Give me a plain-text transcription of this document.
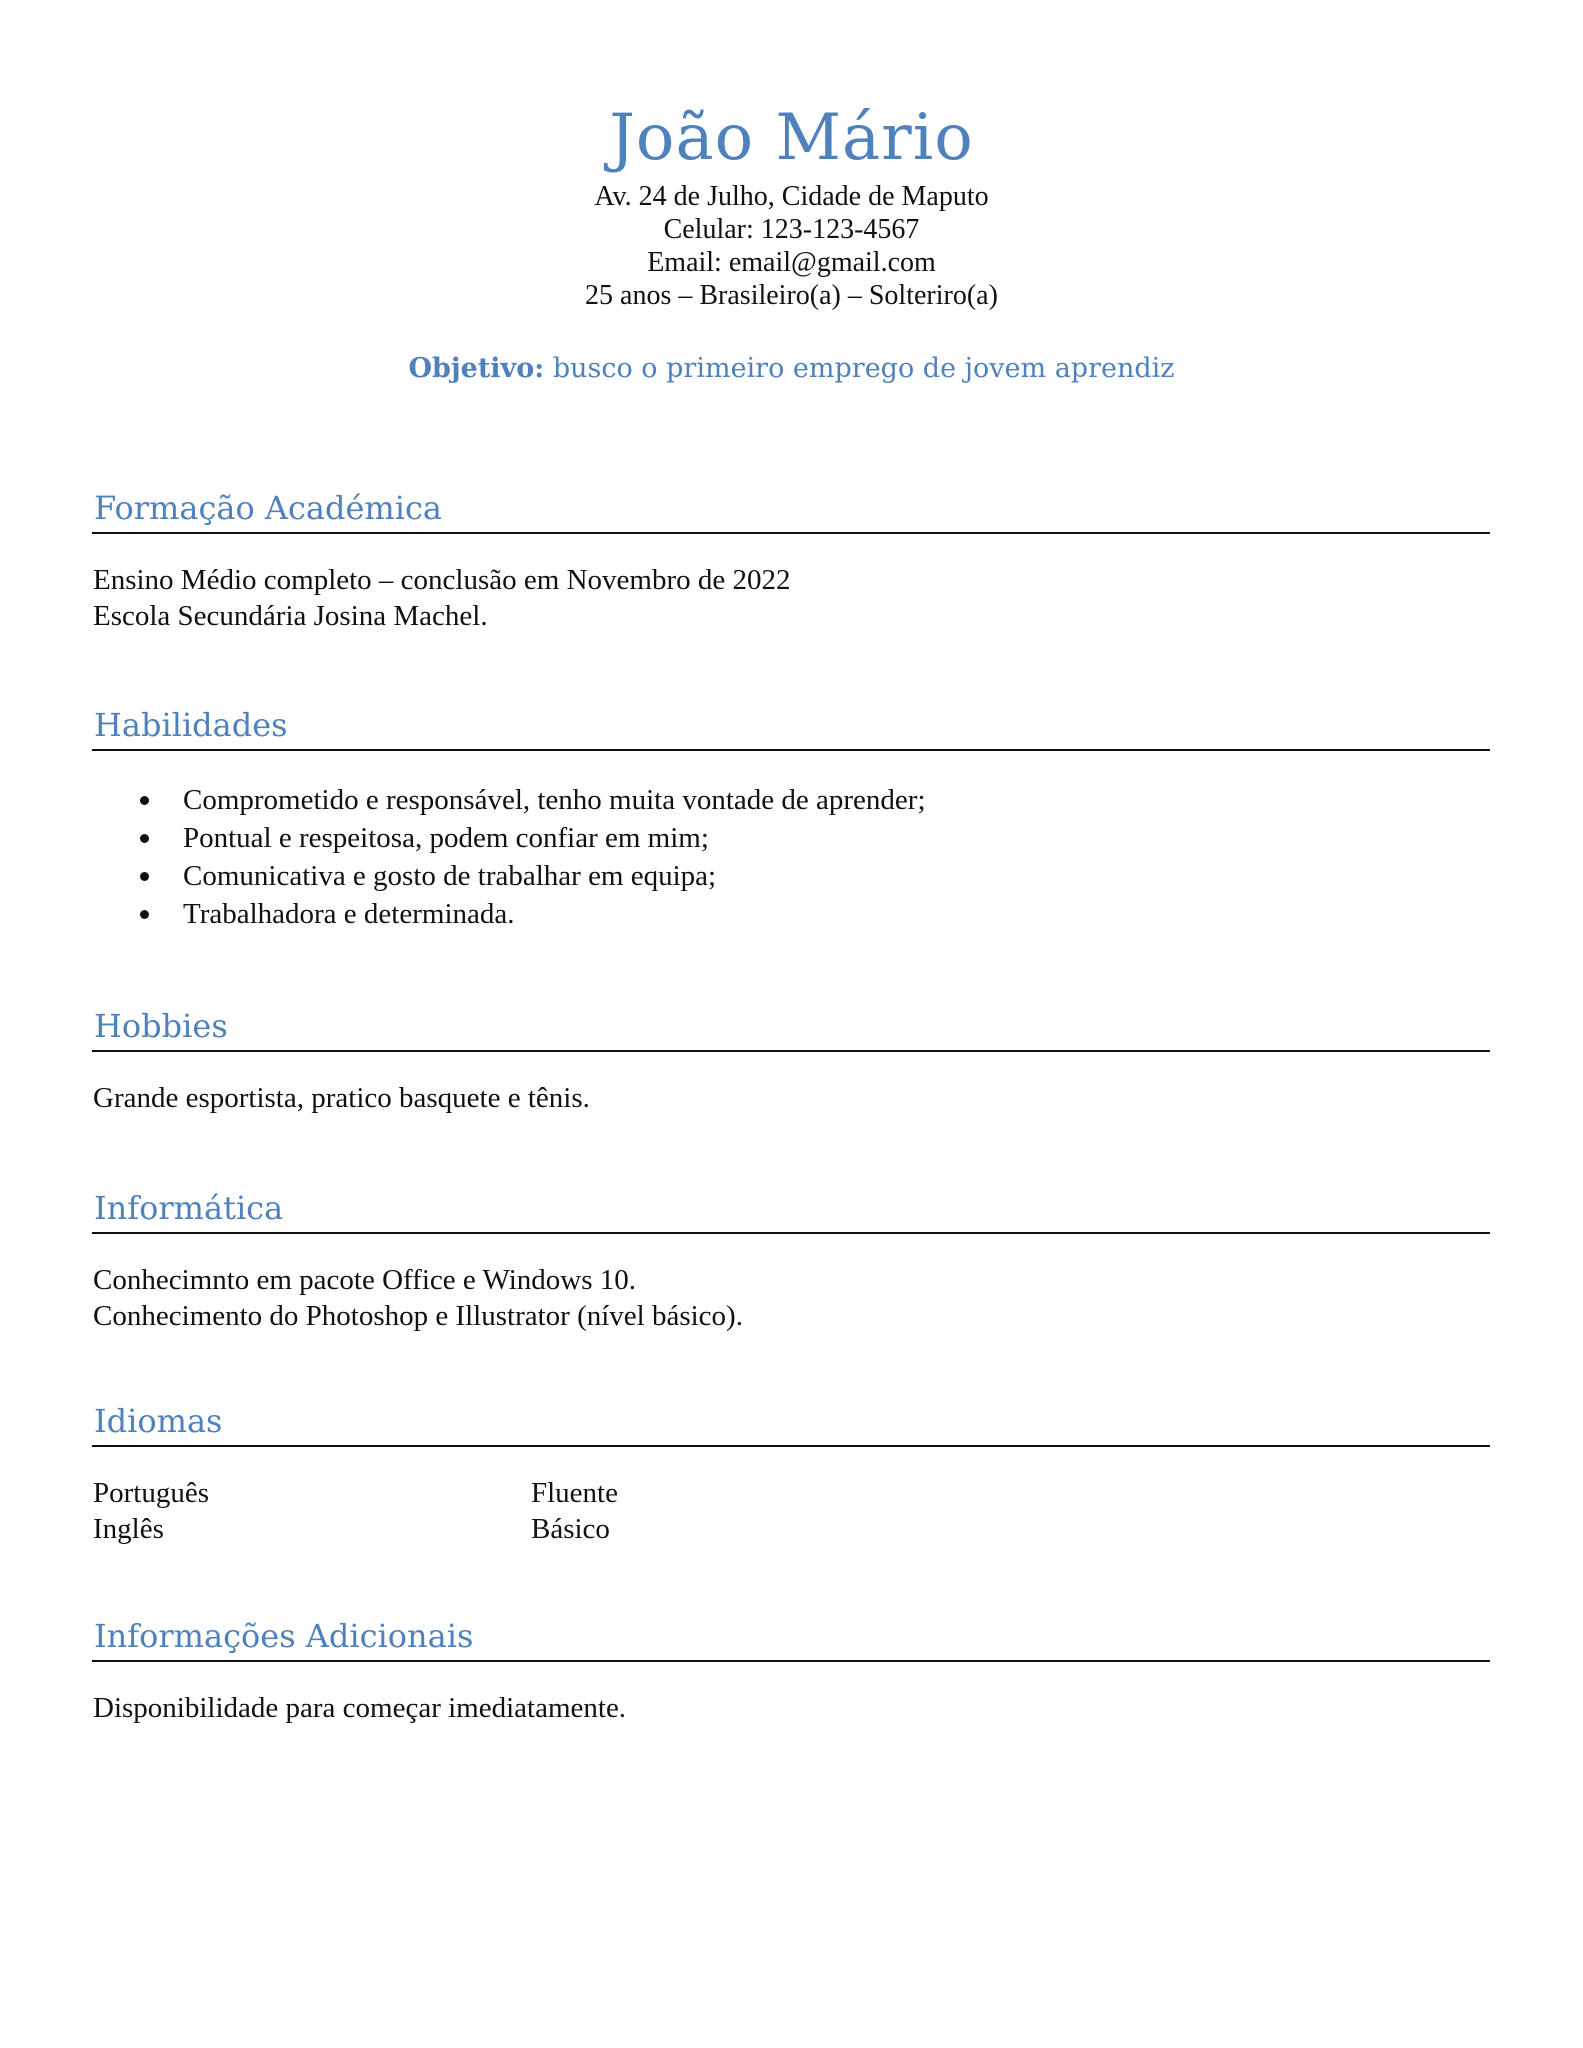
João Mário
Av. 24 de Julho, Cidade de Maputo
Celular: 123-123-4567
Email: email@gmail.com
25 anos – Brasileiro(a) – Solteriro(a)
Objetivo: busco o primeiro emprego de jovem aprendiz
Formação Académica
Ensino Médio completo – conclusão em Novembro de 2022
Escola Secundária Josina Machel.
Habilidades
Comprometido e responsável, tenho muita vontade de aprender;
Pontual e respeitosa, podem confiar em mim;
Comunicativa e gosto de trabalhar em equipa;
Trabalhadora e determinada.
Hobbies
Grande esportista, pratico basquete e tênis.
Informática
Conhecimnto em pacote Office e Windows 10.
Conhecimento do Photoshop e Illustrator (nível básico).
Idiomas
Português	Fluente
Inglês	Básico
Informações Adicionais
Disponibilidade para começar imediatamente.
